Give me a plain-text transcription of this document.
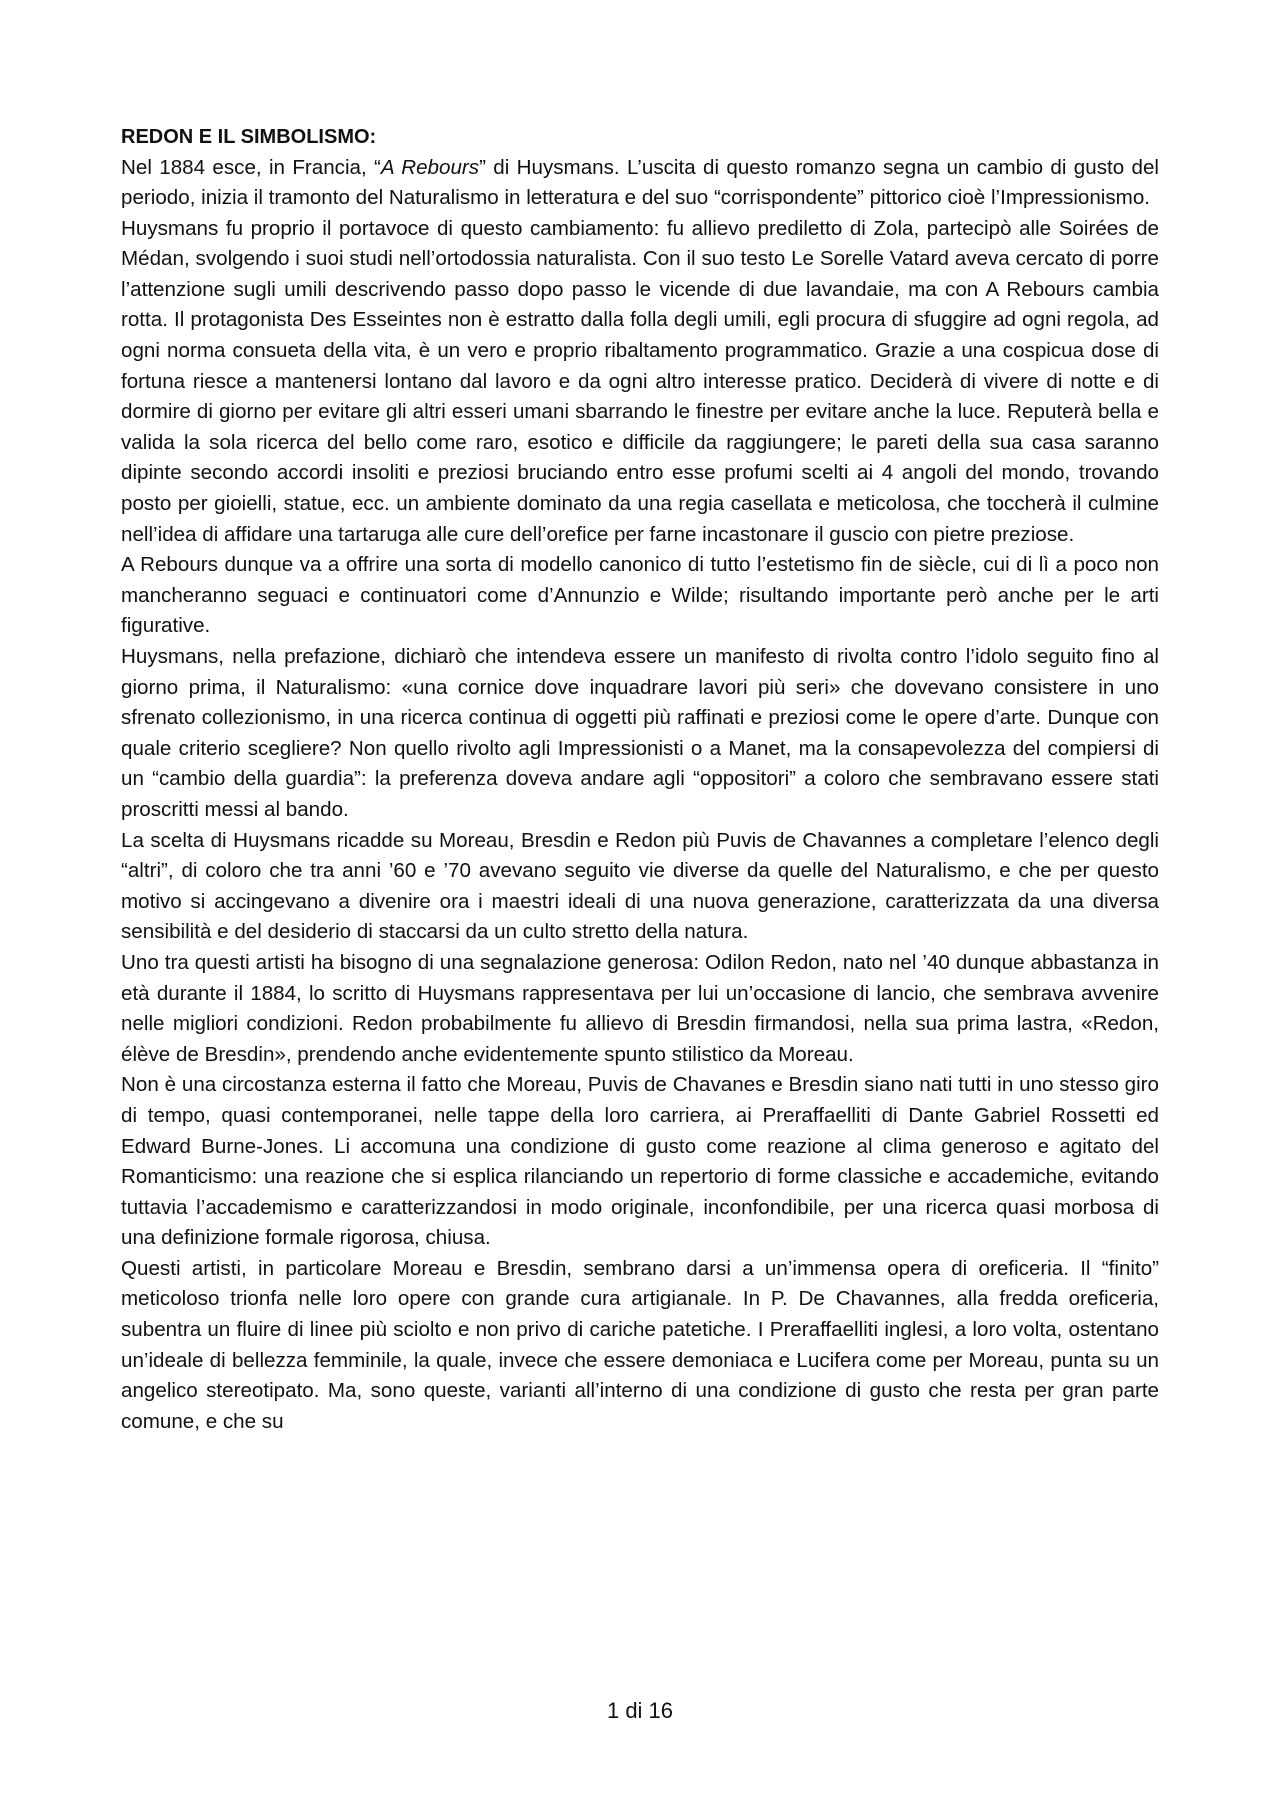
REDON E IL SIMBOLISMO:

Nel 1884 esce, in Francia, “A Rebours” di Huysmans. L’uscita di questo romanzo segna un cambio di gusto del periodo, inizia il tramonto del Naturalismo in letteratura e del suo “corrispondente” pittorico cioè l’Impressionismo.

Huysmans fu proprio il portavoce di questo cambiamento: fu allievo prediletto di Zola, partecipò alle Soirées de Médan, svolgendo i suoi studi nell’ortodossia naturalista. Con il suo testo Le Sorelle Vatard aveva cercato di porre l’attenzione sugli umili descrivendo passo dopo passo le vicende di due lavandaie, ma con A Rebours cambia rotta. Il protagonista Des Esseintes non è estratto dalla folla degli umili, egli procura di sfuggire ad ogni regola, ad ogni norma consueta della vita, è un vero e proprio ribaltamento programmatico. Grazie a una cospicua dose di fortuna riesce a mantenersi lontano dal lavoro e da ogni altro interesse pratico. Deciderà di vivere di notte e di dormire di giorno per evitare gli altri esseri umani sbarrando le finestre per evitare anche la luce. Reputerà bella e valida la sola ricerca del bello come raro, esotico e difficile da raggiungere; le pareti della sua casa saranno dipinte secondo accordi insoliti e preziosi bruciando entro esse profumi scelti ai 4 angoli del mondo, trovando posto per gioielli, statue, ecc. un ambiente dominato da una regia casellata e meticolosa, che toccherà il culmine nell’idea di affidare una tartaruga alle cure dell’orefice per farne incastonare il guscio con pietre preziose.

A Rebours dunque va a offrire una sorta di modello canonico di tutto l’estetismo fin de siècle, cui di lì a poco non mancheranno seguaci e continuatori come d’Annunzio e Wilde; risultando importante però anche per le arti figurative.

Huysmans, nella prefazione, dichiarò che intendeva essere un manifesto di rivolta contro l’idolo seguito fino al giorno prima, il Naturalismo: «una cornice dove inquadrare lavori più seri» che dovevano consistere in uno sfrenato collezionismo, in una ricerca continua di oggetti più raffinati e preziosi come le opere d’arte. Dunque con quale criterio scegliere? Non quello rivolto agli Impressionisti o a Manet, ma la consapevolezza del compiersi di un “cambio della guardia”: la preferenza doveva andare agli “oppositori” a coloro che sembravano essere stati proscritti messi al bando.

La scelta di Huysmans ricadde su Moreau, Bresdin e Redon più Puvis de Chavannes a completare l’elenco degli “altri”, di coloro che tra anni ’60 e ’70 avevano seguito vie diverse da quelle del Naturalismo, e che per questo motivo si accingevano a divenire ora i maestri ideali di una nuova generazione, caratterizzata da una diversa sensibilità e del desiderio di staccarsi da un culto stretto della natura.

Uno tra questi artisti ha bisogno di una segnalazione generosa: Odilon Redon, nato nel ’40 dunque abbastanza in età durante il 1884, lo scritto di Huysmans rappresentava per lui un’occasione di lancio, che sembrava avvenire nelle migliori condizioni. Redon probabilmente fu allievo di Bresdin firmandosi, nella sua prima lastra, «Redon, élève de Bresdin», prendendo anche evidentemente spunto stilistico da Moreau.

Non è una circostanza esterna il fatto che Moreau, Puvis de Chavanes e Bresdin siano nati tutti in uno stesso giro di tempo, quasi contemporanei, nelle tappe della loro carriera, ai Preraffaelliti di Dante Gabriel Rossetti ed Edward Burne-Jones. Li accomuna una condizione di gusto come reazione al clima generoso e agitato del Romanticismo: una reazione che si esplica rilanciando un repertorio di forme classiche e accademiche, evitando tuttavia l’accademismo e caratterizzandosi in modo originale, inconfondibile, per una ricerca quasi morbosa di una definizione formale rigorosa, chiusa.

Questi artisti, in particolare Moreau e Bresdin, sembrano darsi a un’immensa opera di oreficeria. Il “finito” meticoloso trionfa nelle loro opere con grande cura artigianale. In P. De Chavannes, alla fredda oreficeria, subentra un fluire di linee più sciolto e non privo di cariche patetiche. I Preraffaelliti inglesi, a loro volta, ostentano un’ideale di bellezza femminile, la quale, invece che essere demoniaca e Lucifera come per Moreau, punta su un angelico stereotipato. Ma, sono queste, varianti all’interno di una condizione di gusto che resta per gran parte comune, e che su

1 di 16
